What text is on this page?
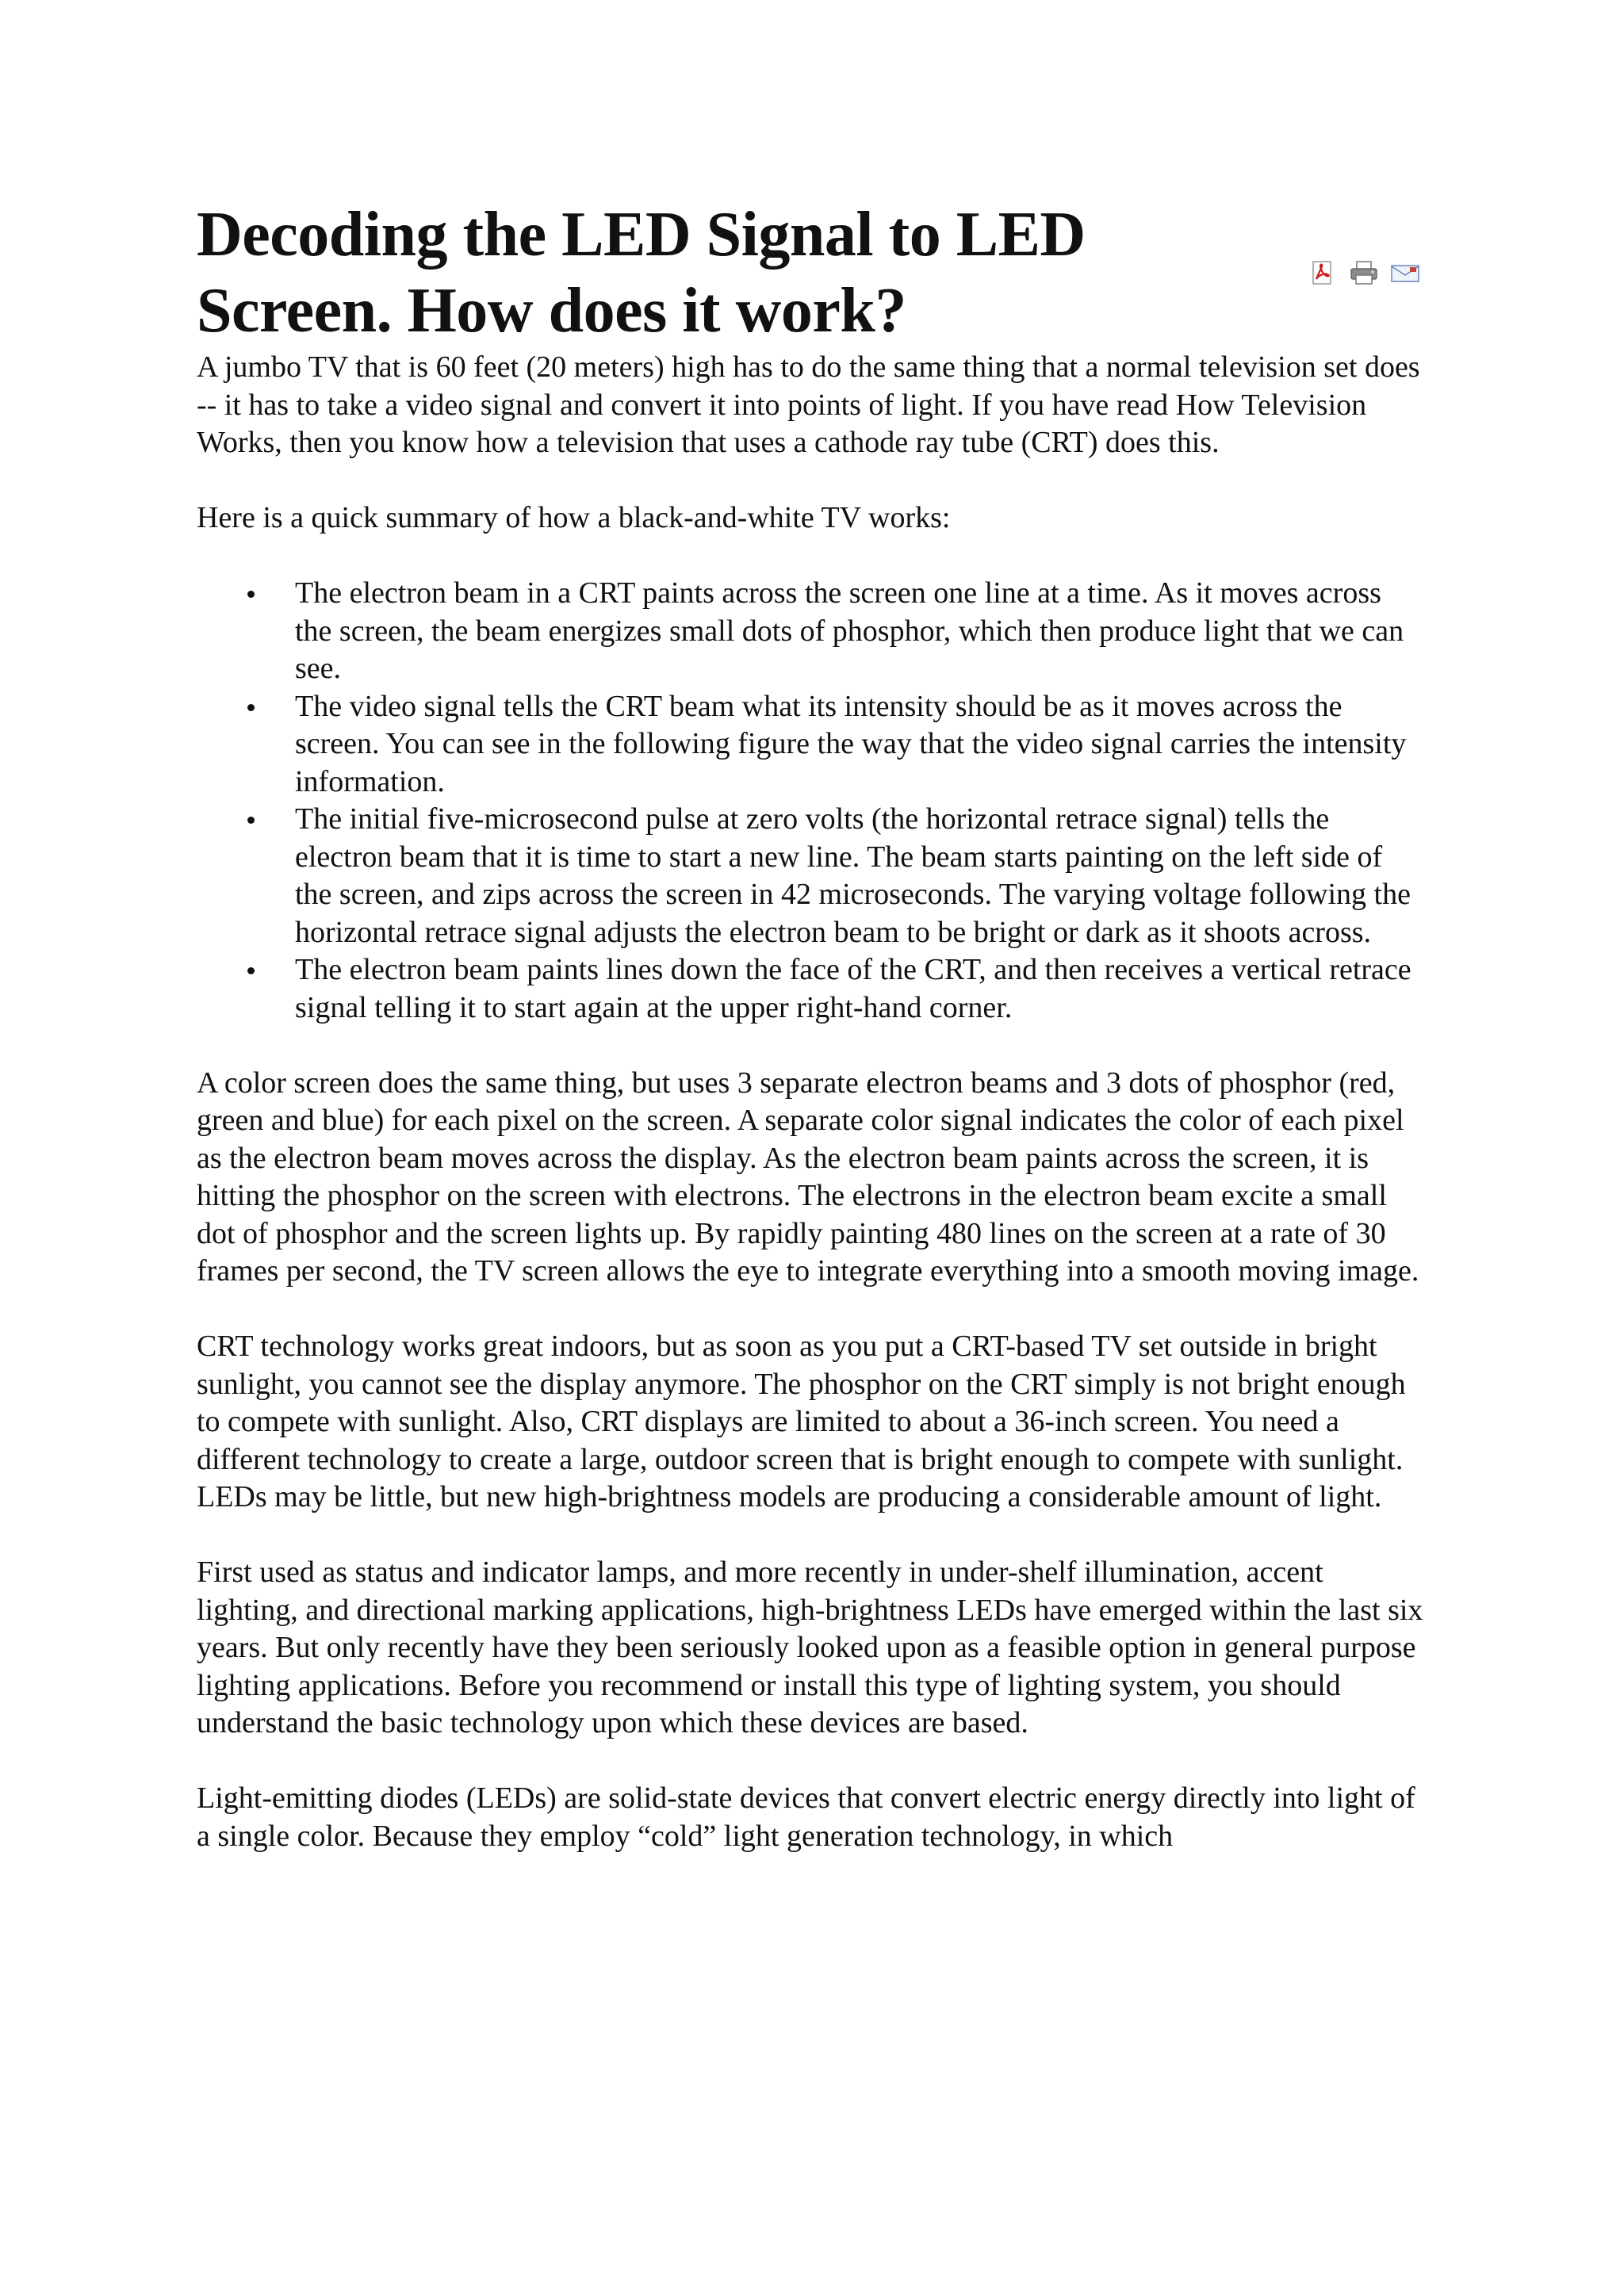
Decoding the LED Signal to LED
Screen. How does it work?

A jumbo TV that is 60 feet (20 meters) high has to do the same thing that a normal television set does -- it has to take a video signal and convert it into points of light. If you have read How Television Works, then you know how a television that uses a cathode ray tube (CRT) does this.

Here is a quick summary of how a black-and-white TV works:

The electron beam in a CRT paints across the screen one line at a time. As it moves across the screen, the beam energizes small dots of phosphor, which then produce light that we can see.
The video signal tells the CRT beam what its intensity should be as it moves across the screen. You can see in the following figure the way that the video signal carries the intensity information.
The initial five-microsecond pulse at zero volts (the horizontal retrace signal) tells the electron beam that it is time to start a new line. The beam starts painting on the left side of the screen, and zips across the screen in 42 microseconds. The varying voltage following the horizontal retrace signal adjusts the electron beam to be bright or dark as it shoots across.
The electron beam paints lines down the face of the CRT, and then receives a vertical retrace signal telling it to start again at the upper right-hand corner.

A color screen does the same thing, but uses 3 separate electron beams and 3 dots of phosphor (red, green and blue) for each pixel on the screen. A separate color signal indicates the color of each pixel as the electron beam moves across the display. As the electron beam paints across the screen, it is hitting the phosphor on the screen with electrons. The electrons in the electron beam excite a small dot of phosphor and the screen lights up. By rapidly painting 480 lines on the screen at a rate of 30 frames per second, the TV screen allows the eye to integrate everything into a smooth moving image.

CRT technology works great indoors, but as soon as you put a CRT-based TV set outside in bright sunlight, you cannot see the display anymore. The phosphor on the CRT simply is not bright enough to compete with sunlight. Also, CRT displays are limited to about a 36-inch screen. You need a different technology to create a large, outdoor screen that is bright enough to compete with sunlight. LEDs may be little, but new high-brightness models are producing a considerable amount of light.

First used as status and indicator lamps, and more recently in under-shelf illumination, accent lighting, and directional marking applications, high-brightness LEDs have emerged within the last six years. But only recently have they been seriously looked upon as a feasible option in general purpose lighting applications. Before you recommend or install this type of lighting system, you should understand the basic technology upon which these devices are based.

Light-emitting diodes (LEDs) are solid-state devices that convert electric energy directly into light of a single color. Because they employ “cold” light generation technology, in which
